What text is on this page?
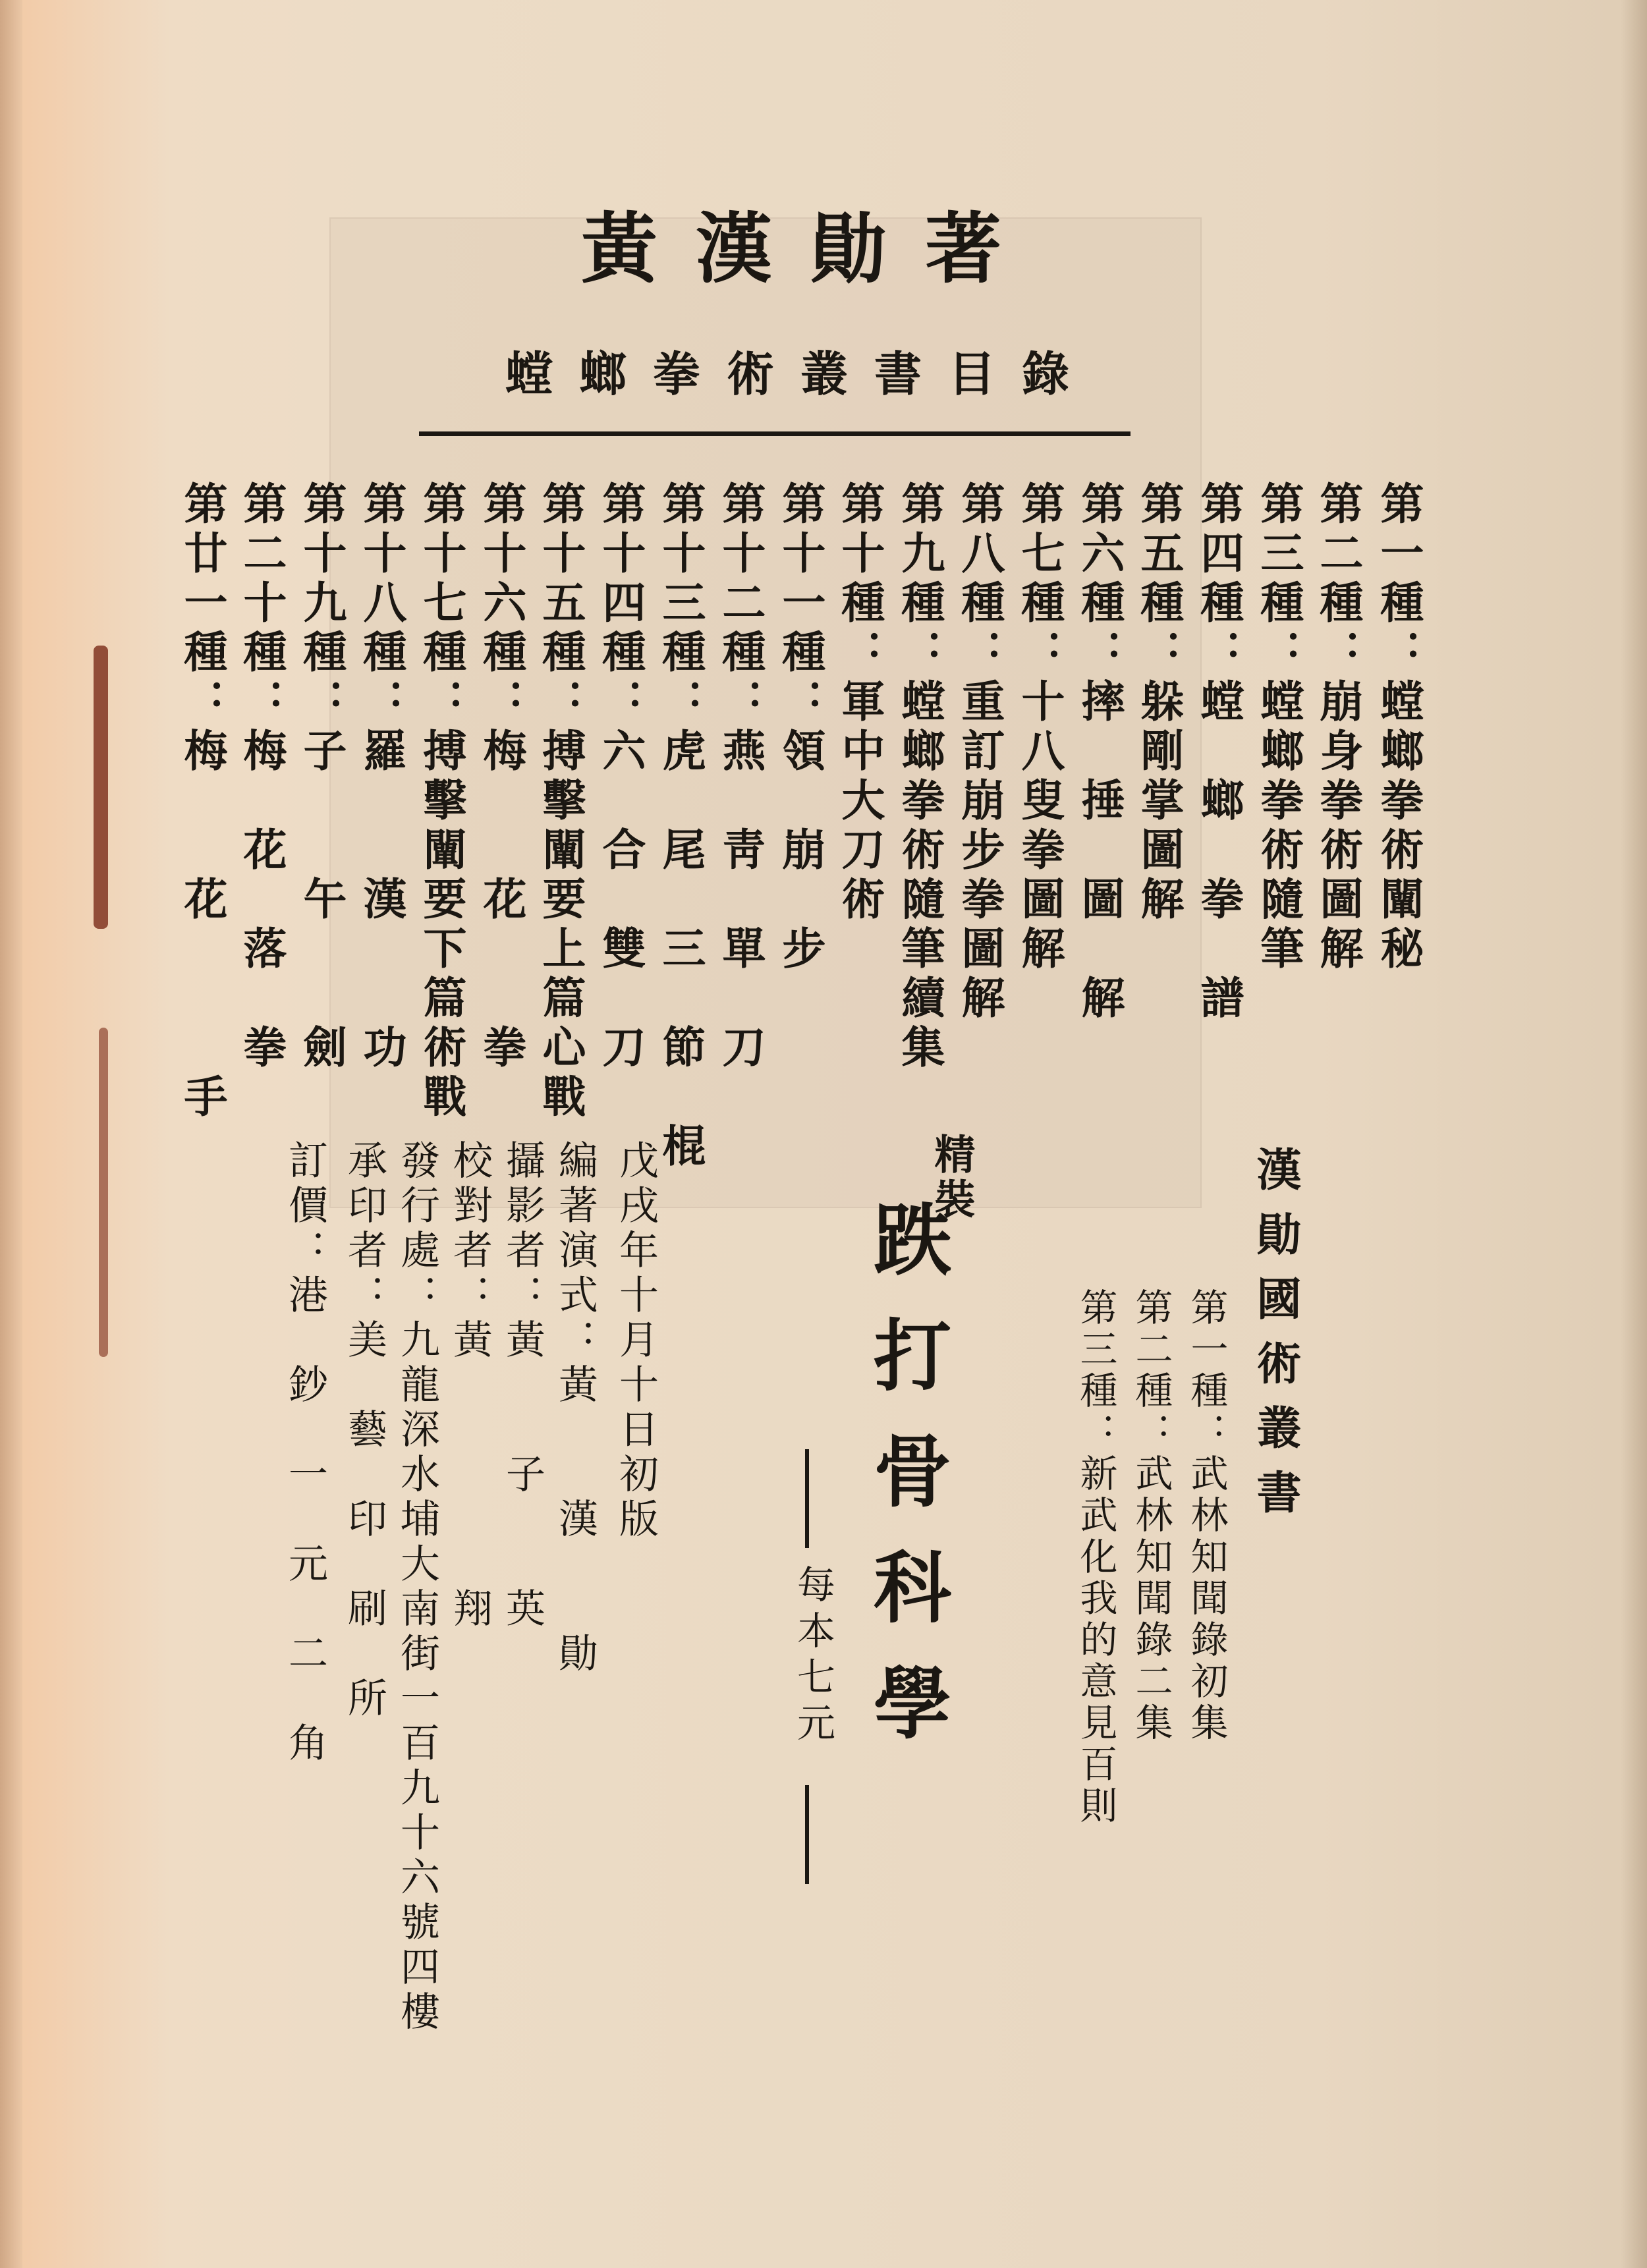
黃漢勛著
螳螂拳術叢書目錄
第一種：螳螂拳術闡秘
第二種：崩身拳術圖解
第三種：螳螂拳術隨筆
第四種：螳　螂　拳　譜
第五種：躲剛掌圖解
第六種：摔　捶　圖　解
第七種：十八叟拳圖解
第八種：重訂崩步拳圖解
第九種：螳螂拳術隨筆續集
第十種：軍中大刀術
第十一種：領　崩　步
第十二種：燕　靑　單　刀
第十三種：虎　尾　三　節　棍
第十四種：六　合　雙　刀
第十五種：搏擊闡要上篇心戰
第十六種：梅　　花　　拳
第十七種：搏擊闡要下篇術戰
第十八種：羅　　漢　　功
第十九種：子　　午　　劍
第二十種：梅　花　落　拳
第廿一種：梅　　花　　　手
漢勛國術叢書
第一種：武林知聞錄初集
第二種：武林知聞錄二集
第三種：新武化我的意見百則
精裝
跌打骨科學
每本七元
戊戌年十月十日初版
編著演式：黃　　漢　　勛
攝影者：黃　　子　　英
校對者：黃　　　　　翔
發行處：九龍深水埔大南街一百九十六號四樓
承印者：美　藝　印　刷　所
訂價：港　鈔　一　元　二　角
